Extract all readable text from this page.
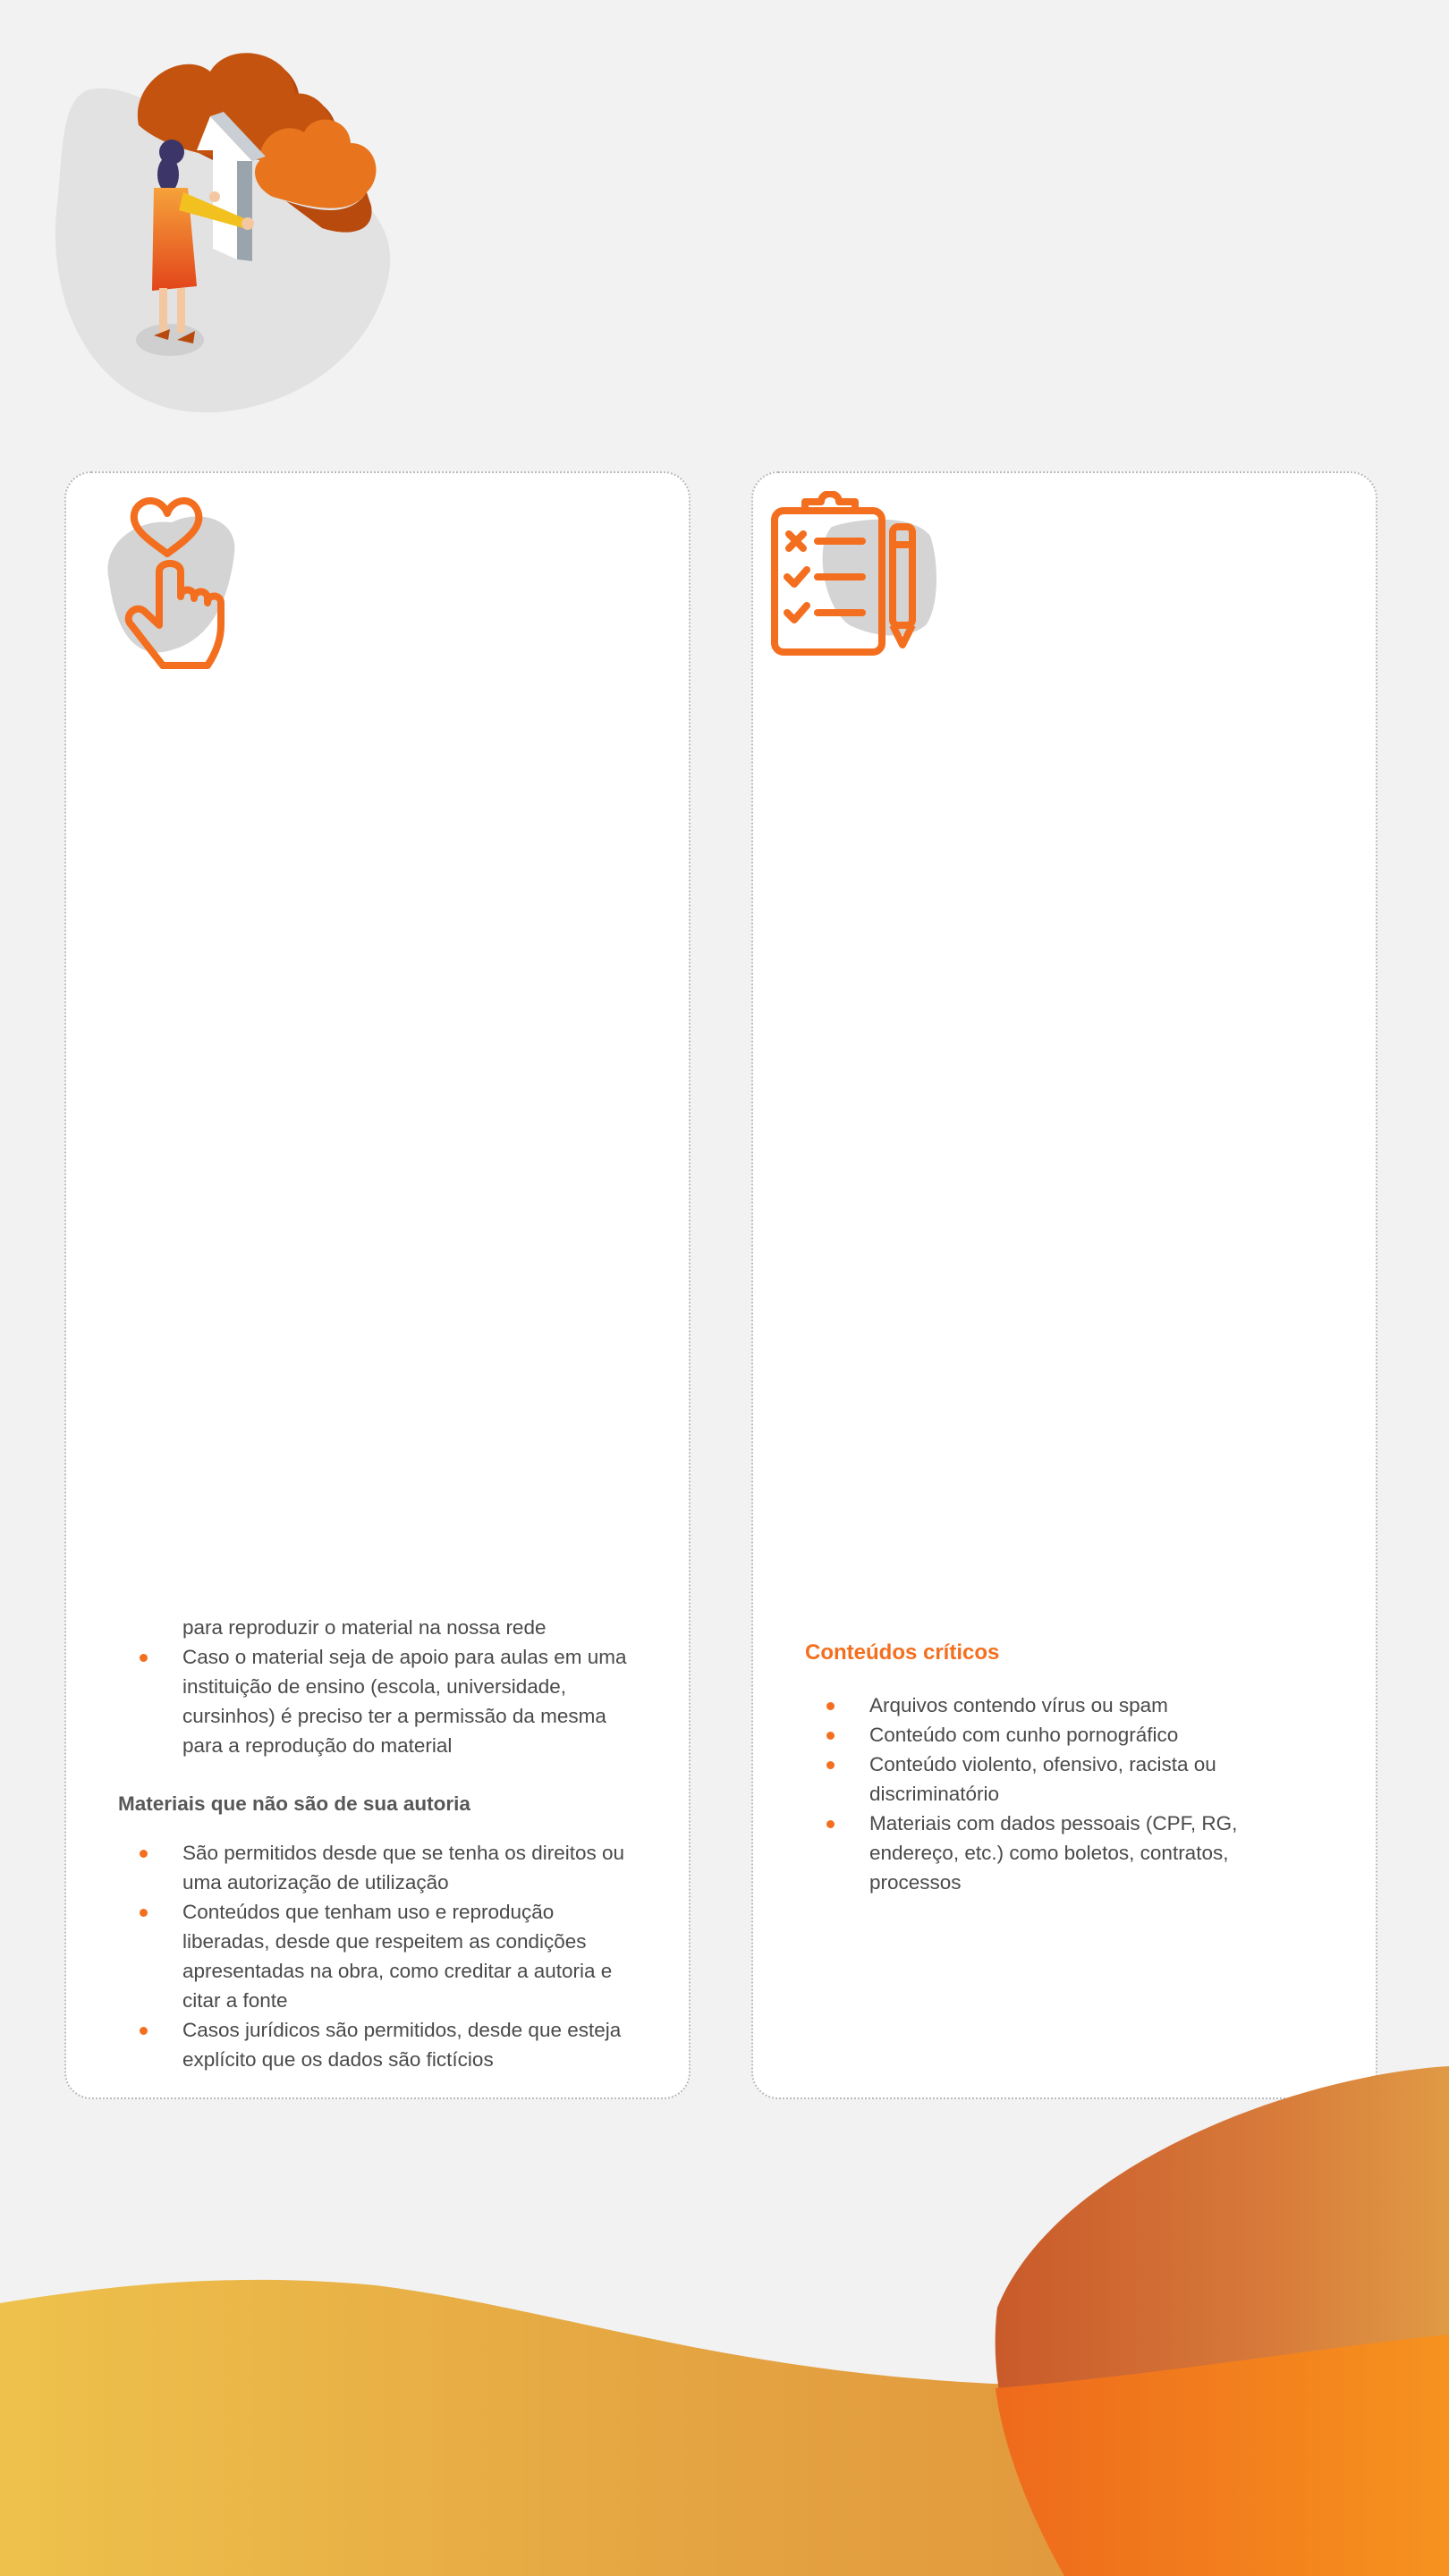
para reproduzir o material na nossa rede
Caso o material seja de apoio para aulas em uma instituição de ensino (escola, universidade, cursinhos) é preciso ter a permissão da mesma para a reprodução do material
Materiais que não são de sua autoria
São permitidos desde que se tenha os direitos ou uma autorização de utilização
Conteúdos que tenham uso e reprodução liberadas, desde que respeitem as condições apresentadas na obra, como creditar a autoria e citar a fonte
Casos jurídicos são permitidos, desde que esteja explícito que os dados são fictícios
Conteúdos críticos
Arquivos contendo vírus ou spam
Conteúdo com cunho pornográfico
Conteúdo violento, ofensivo, racista ou discriminatório
Materiais com dados pessoais (CPF, RG, endereço, etc.) como boletos, contratos, processos
